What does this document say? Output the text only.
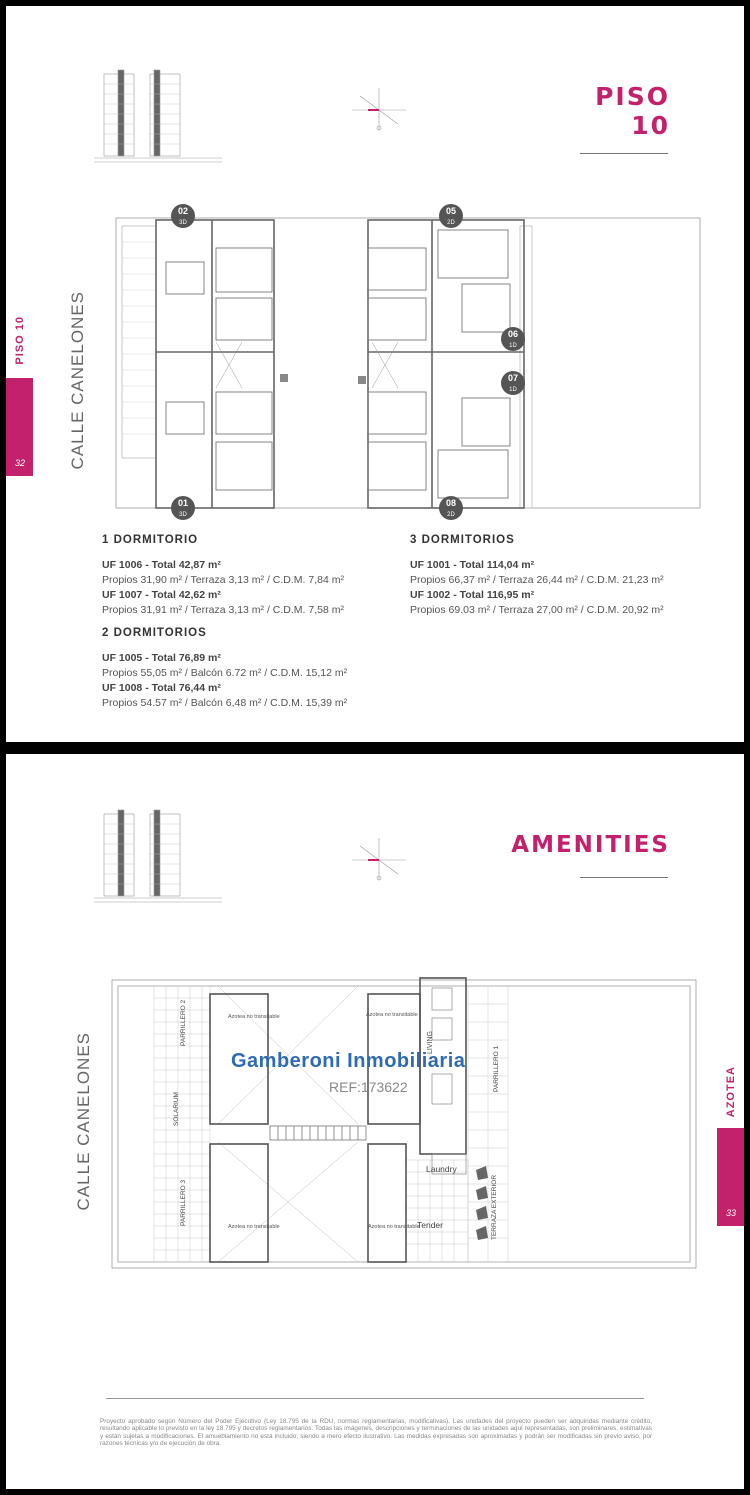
PISO
10
PISO 10
32	CALLE CANELONES
02
3D
05
2D
06
1D
07
1D
01
3D
08
2D
1 DORMITORIO
UF 1006 - Total 42,87 m²
Propios 31,90 m² / Terraza 3,13 m² / C.D.M. 7,84 m²
UF 1007 - Total 42,62 m²
Propios 31,91 m² / Terraza 3,13 m² / C.D.M. 7,58 m²
2 DORMITORIOS
UF 1005 - Total 76,89 m²
Propios 55,05 m² / Balcón 6.72 m² / C.D.M. 15,12 m²
UF 1008 - Total 76,44 m²
Propios 54.57 m² / Balcón 6,48 m² / C.D.M. 15,39 m²
3 DORMITORIOS
UF 1001 - Total 114,04 m²
Propios 66,37 m² / Terraza 26,44 m² / C.D.M. 21,23 m²
UF 1002 - Total 116,95 m²
Propios 69.03 m² / Terraza 27,00 m² / C.D.M. 20,92 m²
AMENITIES
AZOTEA
33
CALLE CANELONES
PARRILLERO 2
SOLARIUM
PARRILLERO 3
LIVING
PARRILLERO 1
TERRAZA EXTERIOR
Laundry
Tender
Azotea no transitable	Azotea no transitable
Azotea no transitable	Azotea no transitable
Gamberoni Inmobiliaria
REF:173622
Proyecto aprobado según Número del Poder Ejecutivo (Ley 18.795 de la RDU, normas reglamentarias, modificativas). Las unidades del proyecto pueden ser adquiridas mediante crédito, resultando aplicable lo previsto en la ley 18.795 y decretos reglamentarios. Todas las imágenes, descripciones y terminaciones de las unidades aquí representadas, son preliminares, estimativas y están sujetas a modificaciones. El amueblamiento no está incluido, siendo a mero efecto ilustrativo. Las medidas expresadas son aproximadas y podrán ser modificadas sin previo aviso, por razones técnicas y/o de ejecución de obra.
